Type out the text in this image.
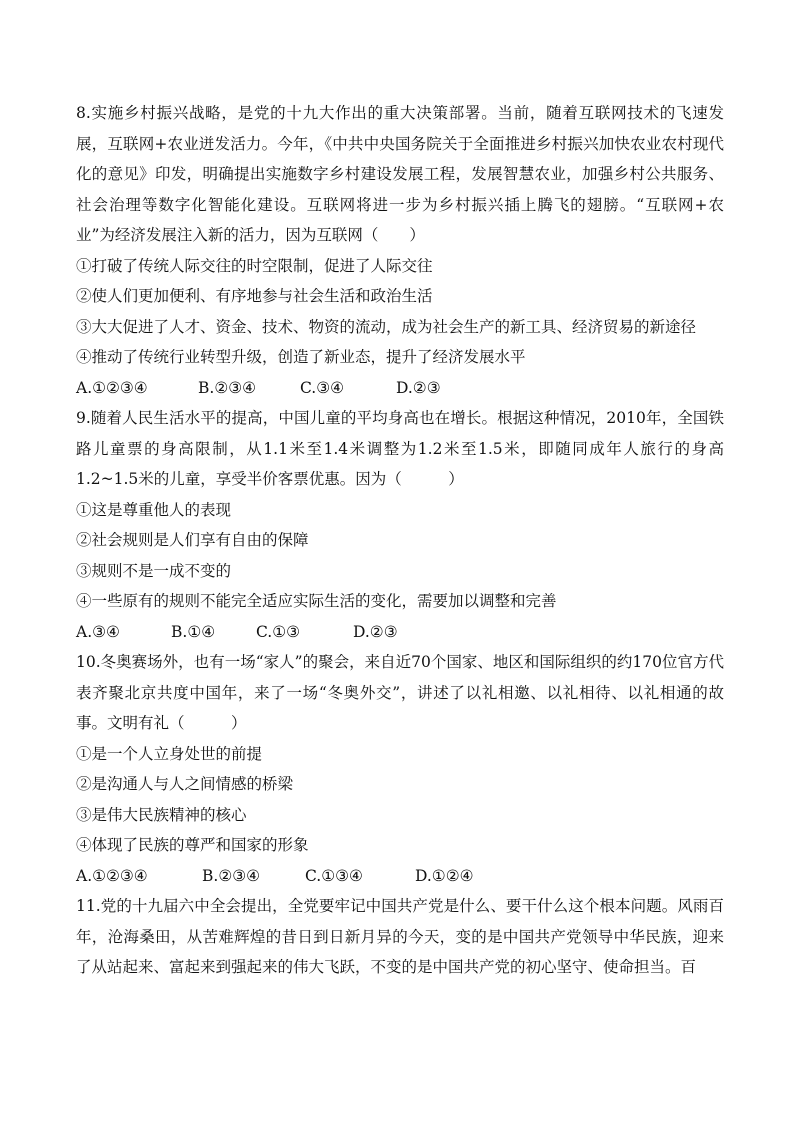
8.实施乡村振兴战略，是党的十九大作出的重大决策部署。当前，随着互联网技术的飞速发展，互联网+农业迸发活力。今年，《中共中央国务院关于全面推进乡村振兴加快农业农村现代化的意见》印发，明确提出实施数字乡村建设发展工程，发展智慧农业，加强乡村公共服务、社会治理等数字化智能化建设。互联网将进一步为乡村振兴插上腾飞的翅膀。“互联网+农业”为经济发展注入新的活力，因为互联网（　　）

①打破了传统人际交往的时空限制，促进了人际交往

②使人们更加便利、有序地参与社会生活和政治生活

③大大促进了人才、资金、技术、物资的流动，成为社会生产的新工具、经济贸易的新途径

④推动了传统行业转型升级，创造了新业态，提升了经济发展水平

A.①②③④	B.②③④	C.③④	D.②③

9.随着人民生活水平的提高，中国儿童的平均身高也在增长。根据这种情况，2010年，全国铁路儿童票的身高限制，从1.1米至1.4米调整为1.2米至1.5米，即随同成年人旅行的身高1.2~1.5米的儿童，享受半价客票优惠。因为（　　　）

①这是尊重他人的表现

②社会规则是人们享有自由的保障

③规则不是一成不变的

④一些原有的规则不能完全适应实际生活的变化，需要加以调整和完善

A.③④	B.①④	C.①③	D.②③

10.冬奥赛场外，也有一场“家人”的聚会，来自近70个国家、地区和国际组织的约170位官方代表齐聚北京共度中国年，来了一场“冬奥外交”，讲述了以礼相邀、以礼相待、以礼相通的故事。文明有礼（　　　）

①是一个人立身处世的前提

②是沟通人与人之间情感的桥梁

③是伟大民族精神的核心

④体现了民族的尊严和国家的形象

A.①②③④	B.②③④	C.①③④	D.①②④

11.党的十九届六中全会提出，全党要牢记中国共产党是什么、要干什么这个根本问题。风雨百年，沧海桑田，从苦难辉煌的昔日到日新月异的今天，变的是中国共产党领导中华民族，迎来了从站起来、富起来到强起来的伟大飞跃，不变的是中国共产党的初心坚守、使命担当。百
